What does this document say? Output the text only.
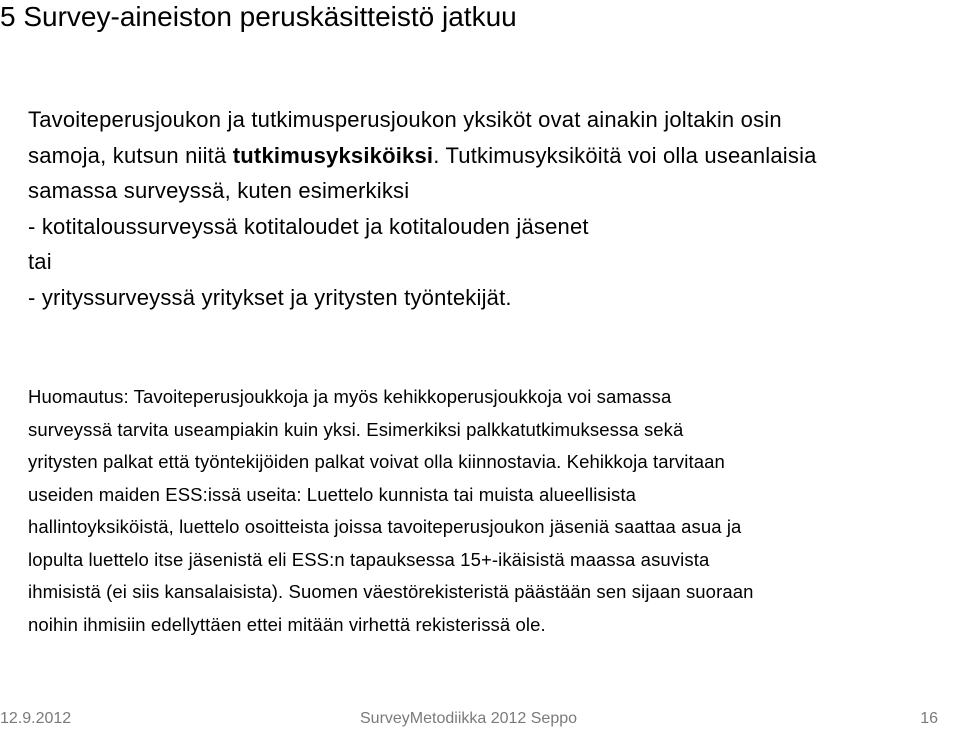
5 Survey-aineiston peruskäsitteistö jatkuu
Tavoiteperusjoukon ja tutkimusperusjoukon yksiköt ovat ainakin joltakin osin
samoja, kutsun niitä tutkimusyksiköiksi. Tutkimusyksiköitä voi olla useanlaisia
samassa surveyssä, kuten esimerkiksi
- kotitaloussurveyssä kotitaloudet ja kotitalouden jäsenet
tai
- yrityssurveyssä yritykset ja yritysten työntekijät.
Huomautus: Tavoiteperusjoukkoja ja myös kehikkoperusjoukkoja voi samassa
surveyssä tarvita useampiakin kuin yksi. Esimerkiksi palkkatutkimuksessa sekä
yritysten palkat että työntekijöiden palkat voivat olla kiinnostavia. Kehikkoja tarvitaan
useiden maiden ESS:issä useita: Luettelo kunnista tai muista alueellisista
hallintoyksiköistä, luettelo osoitteista joissa tavoiteperusjoukon jäseniä saattaa asua ja
lopulta luettelo itse jäsenistä eli ESS:n tapauksessa 15+-ikäisistä maassa asuvista
ihmisistä (ei siis kansalaisista). Suomen väestörekisteristä päästään sen sijaan suoraan
noihin ihmisiin edellyttäen ettei mitään virhettä rekisterissä ole.
12.9.2012	SurveyMetodiikka 2012 Seppo	16
